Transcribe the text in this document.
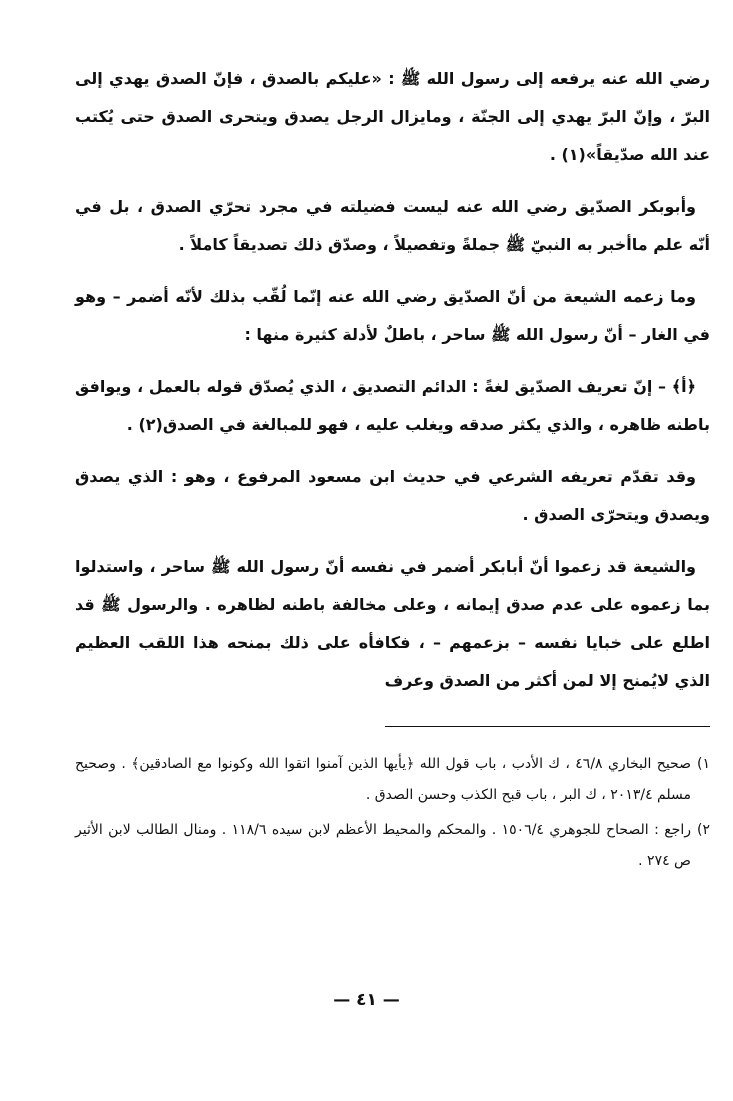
رضي الله عنه يرفعه إلى رسول الله ﷺ : «عليكم بالصدق ، فإنّ الصدق يهدي إلى البرّ ، وإنّ البرّ يهدي إلى الجنّة ، ومايزال الرجل يصدق ويتحرى الصدق حتى يُكتب عند الله صدّيقاً»(١) .

وأبوبكر الصدّيق رضي الله عنه ليست فضيلته في مجرد تحرّي الصدق ، بل في أنّه علم ماأخبر به النبيّ ﷺ جملةً وتفصيلاً ، وصدّق ذلك تصديقاً كاملاً .

وما زعمه الشيعة من أنّ الصدّيق رضي الله عنه إنّما لُقّب بذلك لأنّه أضمر – وهو في الغار – أنّ رسول الله ﷺ ساحر ، باطلٌ لأدلة كثيرة منها :

﴿أ﴾ – إنّ تعريف الصدّيق لغةً : الدائم التصديق ، الذي يُصدّق قوله بالعمل ، ويوافق باطنه ظاهره ، والذي يكثر صدقه ويغلب عليه ، فهو للمبالغة في الصدق(٢) .

وقد تقدّم تعريفه الشرعي في حديث ابن مسعود المرفوع ، وهو : الذي يصدق ويصدق ويتحرّى الصدق .

والشيعة قد زعموا أنّ أبابكر أضمر في نفسه أنّ رسول الله ﷺ ساحر ، واستدلوا بما زعموه على عدم صدق إيمانه ، وعلى مخالفة باطنه لظاهره . والرسول ﷺ قد اطلع على خبايا نفسه – بزعمهم – ، فكافأه على ذلك بمنحه هذا اللقب العظيم الذي لايُمنح إلا لمن أكثر من الصدق وعرف

١)
صحيح البخاري ٤٦/٨ ، ك الأدب ، باب قول الله ﴿يأيها الذين آمنوا اتقوا الله وكونوا مع الصادقين﴾ . وصحيح مسلم ٢٠١٣/٤ ، ك البر ، باب قبح الكذب وحسن الصدق .
٢)
راجع : الصحاح للجوهري ١٥٠٦/٤ . والمحكم والمحيط الأعظم لابن سيده ١١٨/٦ . ومنال الطالب لابن الأثير ص ٢٧٤ .
— ٤١ —
